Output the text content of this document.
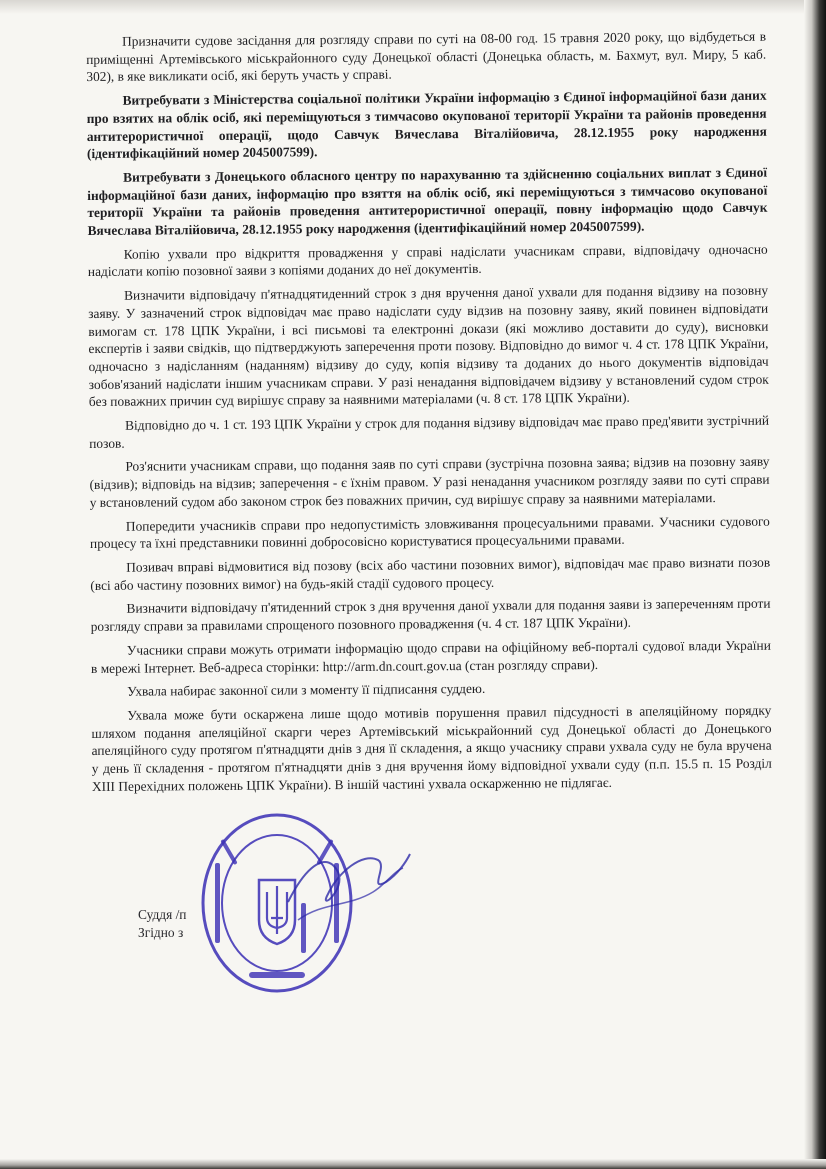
Призначити судове засідання для розгляду справи по суті на 08-00 год. 15 травня 2020 року, що відбудеться в приміщенні Артемівського міськрайонного суду Донецької області (Донецька область, м. Бахмут, вул. Миру, 5 каб. 302), в яке викликати осіб, які беруть участь у справі.

Витребувати з Міністерства соціальної політики України інформацію з Єдиної інформаційної бази даних про взятих на облік осіб, які переміщуються з тимчасово окупованої території України та районів проведення антитерористичної операції, щодо Савчук Вячеслава Віталійовича, 28.12.1955 року народження (ідентифікаційний номер 2045007599).

Витребувати з Донецького обласного центру по нарахуванню та здійсненню соціальних виплат з Єдиної інформаційної бази даних, інформацію про взяття на облік осіб, які переміщуються з тимчасово окупованої території України та районів проведення антитерористичної операції, повну інформацію щодо Савчук Вячеслава Віталійовича, 28.12.1955 року народження (ідентифікаційний номер 2045007599).

Копію ухвали про відкриття провадження у справі надіслати учасникам справи, відповідачу одночасно надіслати копію позовної заяви з копіями доданих до неї документів.

Визначити відповідачу п'ятнадцятиденний строк з дня вручення даної ухвали для подання відзиву на позовну заяву. У зазначений строк відповідач має право надіслати суду відзив на позовну заяву, який повинен відповідати вимогам ст. 178 ЦПК України, і всі письмові та електронні докази (які можливо доставити до суду), висновки експертів і заяви свідків, що підтверджують заперечення проти позову. Відповідно до вимог ч. 4 ст. 178 ЦПК України, одночасно з надісланням (наданням) відзиву до суду, копія відзиву та доданих до нього документів відповідач зобов'язаний надіслати іншим учасникам справи. У разі ненадання відповідачем відзиву у встановлений судом строк без поважних причин суд вирішує справу за наявними матеріалами (ч. 8 ст. 178 ЦПК України).

Відповідно до ч. 1 ст. 193 ЦПК України у строк для подання відзиву відповідач має право пред'явити зустрічний позов.

Роз'яснити учасникам справи, що подання заяв по суті справи (зустрічна позовна заява; відзив на позовну заяву (відзив); відповідь на відзив; заперечення - є їхнім правом. У разі ненадання учасником розгляду заяви по суті справи у встановлений судом або законом строк без поважних причин, суд вирішує справу за наявними матеріалами.

Попередити учасників справи про недопустимість зловживання процесуальними правами. Учасники судового процесу та їхні представники повинні добросовісно користуватися процесуальними правами.

Позивач вправі відмовитися від позову (всіх або частини позовних вимог), відповідач має право визнати позов (всі або частину позовних вимог) на будь-якій стадії судового процесу.

Визначити відповідачу п'ятиденний строк з дня вручення даної ухвали для подання заяви із запереченням проти розгляду справи за правилами спрощеного позовного провадження (ч. 4 ст. 187 ЦПК України).

Учасники справи можуть отримати інформацію щодо справи на офіційному веб-порталі судової влади України в мережі Інтернет. Веб-адреса сторінки: http://arm.dn.court.gov.ua (стан розгляду справи).

Ухвала набирає законної сили з моменту її підписання суддею.

Ухвала може бути оскаржена лише щодо мотивів порушення правил підсудності в апеляційному порядку шляхом подання апеляційної скарги через Артемівський міськрайонний суд Донецької області до Донецького апеляційного суду протягом п'ятнадцяти днів з дня її складення, а якщо учаснику справи ухвала суду не була вручена у день її складення - протягом п'ятнадцяти днів з дня вручення йому відповідної ухвали суду (п.п. 15.5 п. 15 Розділ XIII Перехідних положень ЦПК України). В іншій частині ухвала оскарженню не підлягає.

Суддя /п
Згідно з
